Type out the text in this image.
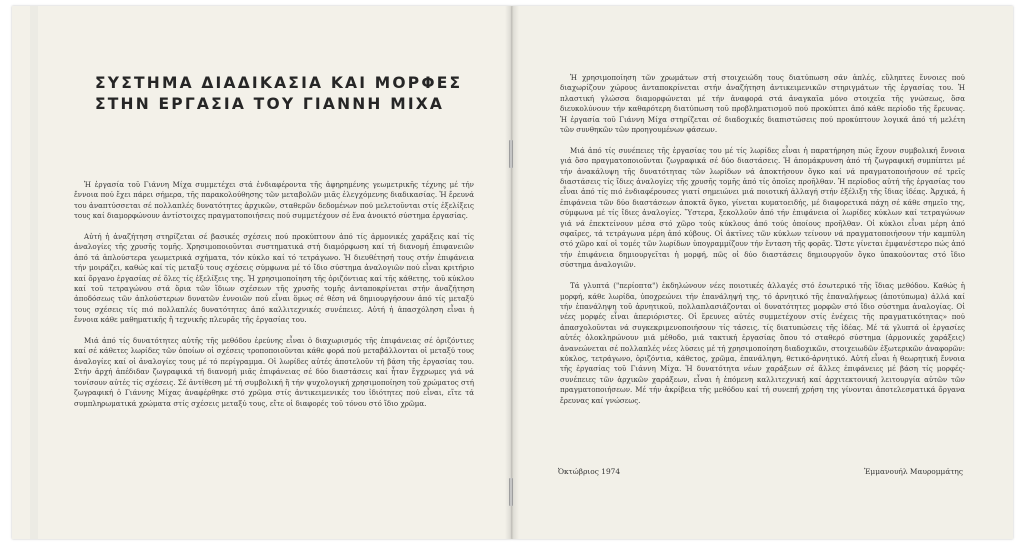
ΣΥΣΤΗΜΑ ΔΙΑΔΙΚΑΣΙΑ ΚΑΙ ΜΟΡΦΕΣ
ΣΤΗΝ ΕΡΓΑΣΙΑ ΤΟΥ ΓΙΑΝΝΗ ΜΙΧΑ

Ἡ ἐργασία τοῦ Γιάννη Μίχα συμμετέχει στά ἐνδιαφέροντα τῆς ἀφηρημένης γεωμετρικῆς τέχνης μέ τήν ἔννοια πού ἔχει πάρει σήμερα, τῆς παρακολούθησης τῶν μεταβολῶν μιᾶς ἐλεγχόμενης διαδικασίας. Ἡ ἔρευνά του ἀναπτύσσεται σέ πολλαπλές δυνατότητες ἀρχικῶν, σταθερῶν δεδομένων πού μελετοῦνται στίς ἐξελίξεις τους καί διαμορφώνουν ἀντίστοιχες πραγματοποιήσεις πού συμμετέχουν σέ ἕνα ἀνοικτό σύστημα ἐργασίας.

Αὐτή ἡ ἀναζήτηση στηρίζεται σέ βασικές σχέσεις πού προκύπτουν ἀπό τίς ἁρμονικές χαράξεις καί τίς ἀναλογίες τῆς χρυσῆς τομῆς. Χρησιμοποιοῦνται συστηματικά στή διαμόρφωση καί τή διανομή ἐπιφανειῶν ἀπό τά ἁπλούστερα γεωμετρικά σχήματα, τόν κύκλο καί τό τετράγωνο. Ἡ διευθέτησή τους στήν ἐπιφάνεια τήν μοιράζει, καθώς καί τίς μεταξύ τους σχέσεις σύμφωνα μέ τό ἴδιο σύστημα ἀναλογιῶν πού εἶναι κριτήριο καί ὄργανο ἐργασίας σέ ὅλες τίς ἐξελίξεις της. Ἡ χρησιμοποίηση τῆς ὁριζόντιας καί τῆς κάθετης, τοῦ κύκλου καί τοῦ τετραγώνου στά ὅρια τῶν ἴδιων σχέσεων τῆς χρυσῆς τομῆς ἀνταποκρίνεται στήν ἀναζήτηση ἀποδόσεως τῶν ἁπλούστερων δυνατῶν ἐννοιῶν πού εἶναι ὅμως σέ θέση νά δημιουργήσουν ἀπό τίς μεταξύ τους σχέσεις τίς πιό πολλαπλές δυνατότητες ἀπό καλλιτεχνικές συνέπειες. Αὐτή ἡ ἀπασχόληση εἶναι ἡ ἔννοια κάθε μαθηματικῆς ἤ τεχνικῆς πλευρᾶς τῆς ἐργασίας του.

Μιά ἀπό τίς δυνατότητες αὐτῆς τῆς μεθόδου ἐρεύνης εἶναι ὁ διαχωρισμός τῆς ἐπιφάνειας σέ ὁριζόντιες καί σέ κάθετες λωρίδες τῶν ὁποίων οἱ σχέσεις τροποποιοῦνται κάθε φορά πού μεταβάλλονται οἱ μεταξύ τους ἀναλογίες καί οἱ ἀναλογίες τους μέ τό περίγραμμα. Οἱ λωρίδες αὐτές ἀποτελοῦν τή βάση τῆς ἐργασίας του. Στήν ἀρχή ἀπέδιδαν ζωγραφικά τή διανομή μιᾶς ἐπιφάνειας σέ δύο διαστάσεις καί ἦταν ἔγχρωμες γιά νά τονίσουν αὐτές τίς σχέσεις. Σέ ἀντίθεση μέ τή συμβολική ἤ τήν ψυχολογική χρησιμοποίηση τοῦ χρώματος στή ζωγραφική ὁ Γιάννης Μίχας ἀναφέρθηκε στό χρῶμα στίς ἀντικειμενικές του ἰδιότητες πού εἶναι, εἴτε τά συμπληρωματικά χρώματα στίς σχέσεις μεταξύ τους, εἴτε οἱ διαφορές τοῦ τόνου στό ἴδιο χρῶμα.

Ἡ χρησιμοποίηση τῶν χρωμάτων στή στοιχειώδη τους διατύπωση σάν ἁπλές, εὔληπτες ἔννοιες πού διαχωρίζουν χώρους ἀνταποκρίνεται στήν ἀναζήτηση ἀντικειμενικῶν στηριγμάτων τῆς ἐργασίας του. Ἡ πλαστική γλώσσα διαμορφώνεται μέ τήν ἀναφορά στά ἀναγκαῖα μόνο στοιχεῖα τῆς γνώσεως, ὅσα διευκολύνουν τήν καθαρότερη διατύπωση τοῦ προβληματισμοῦ πού προκύπτει ἀπό κάθε περίοδο τῆς ἔρευνας. Ἡ ἐργασία τοῦ Γιάννη Μίχα στηρίζεται σέ διαδοχικές διαπιστώσεις πού προκύπτουν λογικά ἀπό τή μελέτη τῶν συνθηκῶν τῶν προηγουμένων φάσεων.

Μιά ἀπό τίς συνέπειες τῆς ἐργασίας του μέ τίς λωρίδες εἶναι ἡ παρατήρηση πώς ἔχουν συμβολική ἔννοια γιά ὅσο πραγματοποιοῦνται ζωγραφικά σέ δύο διαστάσεις. Ἡ ἀπομάκρυνση ἀπό τή ζωγραφική συμπίπτει μέ τήν ἀνακάλυψη τῆς δυνατότητας τῶν λωρίδων νά ἀποκτήσουν ὄγκο καί νά πραγματοποιήσουν σέ τρεῖς διαστάσεις τίς ἴδιες ἀναλογίες τῆς χρυσῆς τομῆς ἀπό τίς ὁποῖες προῆλθαν. Ἡ περίοδος αὐτή τῆς ἐργασίας του εἶναι ἀπό τίς πιό ἐνδιαφέρουσες γιατί σημειώνει μιά ποιοτική ἀλλαγή στήν ἐξέλιξη τῆς ἴδιας ἰδέας. Ἀρχικά, ἡ ἐπιφάνεια τῶν δύο διαστάσεων ἀποκτᾶ ὄγκο, γίνεται κυματοειδής, μέ διαφορετικά πάχη σέ κάθε σημεῖο της, σύμφωνα μέ τίς ἴδιες ἀναλογίες. Ὕστερα, ξεκολλοῦν ἀπό τήν ἐπιφάνεια οἱ λωρίδες κύκλων καί τετραγώνων γιά νά ἐπεκτείνουν μέσα στό χῶρο τούς κύκλους ἀπό τούς ὁποίους προῆλθαν. Οἱ κύκλοι εἶναι μέρη ἀπό σφαῖρες, τά τετράγωνα μέρη ἀπό κύβους. Οἱ ἀκτῖνες τῶν κύκλων τείνουν νά πραγματοποιήσουν τήν καμπύλη στό χῶρο καί οἱ τομές τῶν λωρίδων ὑπογραμμίζουν τήν ἔνταση τῆς φορᾶς. Ὥστε γίνεται ἐμφανέστερο πώς ἀπό τήν ἐπιφάνεια δημιουργεῖται ἡ μορφή, πῶς οἱ δύο διαστάσεις δημιουργοῦν ὄγκο ὑπακούοντας στό ἴδιο σύστημα ἀναλογιῶν.

Τά γλυπτά ("περίοπτα") ἐκδηλώνουν νέες ποιοτικές ἀλλαγές στό ἐσωτερικό τῆς ἴδιας μεθόδου. Καθώς ἡ μορφή, κάθε λωρίδα, ὑποχρεώνει τήν ἐπανάληψή της, τό ἀρνητικό τῆς ἐπαναλήψεως (ἀποτύπωμα) ἀλλά καί τήν ἐπανάληψη τοῦ ἀρνητικοῦ, πολλαπλασιάζονται οἱ δυνατότητες μορφῶν στό ἴδιο σύστημα ἀναλογίας. Οἱ νέες μορφές εἶναι ἀπεριόριστες. Οἱ ἔρευνες αὐτές συμμετέχουν στίς ἐνέχεις τῆς πραγματικότητας» πού ἀπασχολοῦνται νά συγκεκριμενοποιήσουν τίς τάσεις, τίς διατυπώσεις τῆς ἰδέας. Μέ τά γλυπτά οἱ ἐργασίες αὐτές ὁλοκληρώνουν μιά μέθοδο, μιά τακτική ἐργασίας ὅπου τό σταθερό σύστημα (ἁρμονικές χαράξεις) ἀνανεώνεται σέ πολλαπλές νέες λύσεις μέ τή χρησιμοποίηση διαδοχικῶν, στοιχειωδῶν ἐξωτερικῶν ἀναφορῶν: κύκλος, τετράγωνο, ὁριζόντια, κάθετος, χρῶμα, ἐπανάληψη, θετικό-ἀρνητικό. Αὐτή εἶναι ἡ θεωρητική ἔννοια τῆς ἐργασίας τοῦ Γιάννη Μίχα. Ἡ δυνατότητα νέων χαράξεων σέ ἄλλες ἐπιφάνειες μέ βάση τίς μορφές-συνέπειες τῶν ἀρχικῶν χαράξεων, εἶναι ἡ ἑπόμενη καλλιτεχνική καί ἀρχιτεκτονική λειτουργία αὐτῶν τῶν πραγματοποιήσεων. Μέ τήν ἀκρίβεια τῆς μεθόδου καί τή συνεπή χρήση της γίνονται ἀποτελεσματικά ὄργανα ἔρευνας καί γνώσεως.

Ὀκτώβριος 1974	Ἐμμανουήλ Μαυρομμάτης
